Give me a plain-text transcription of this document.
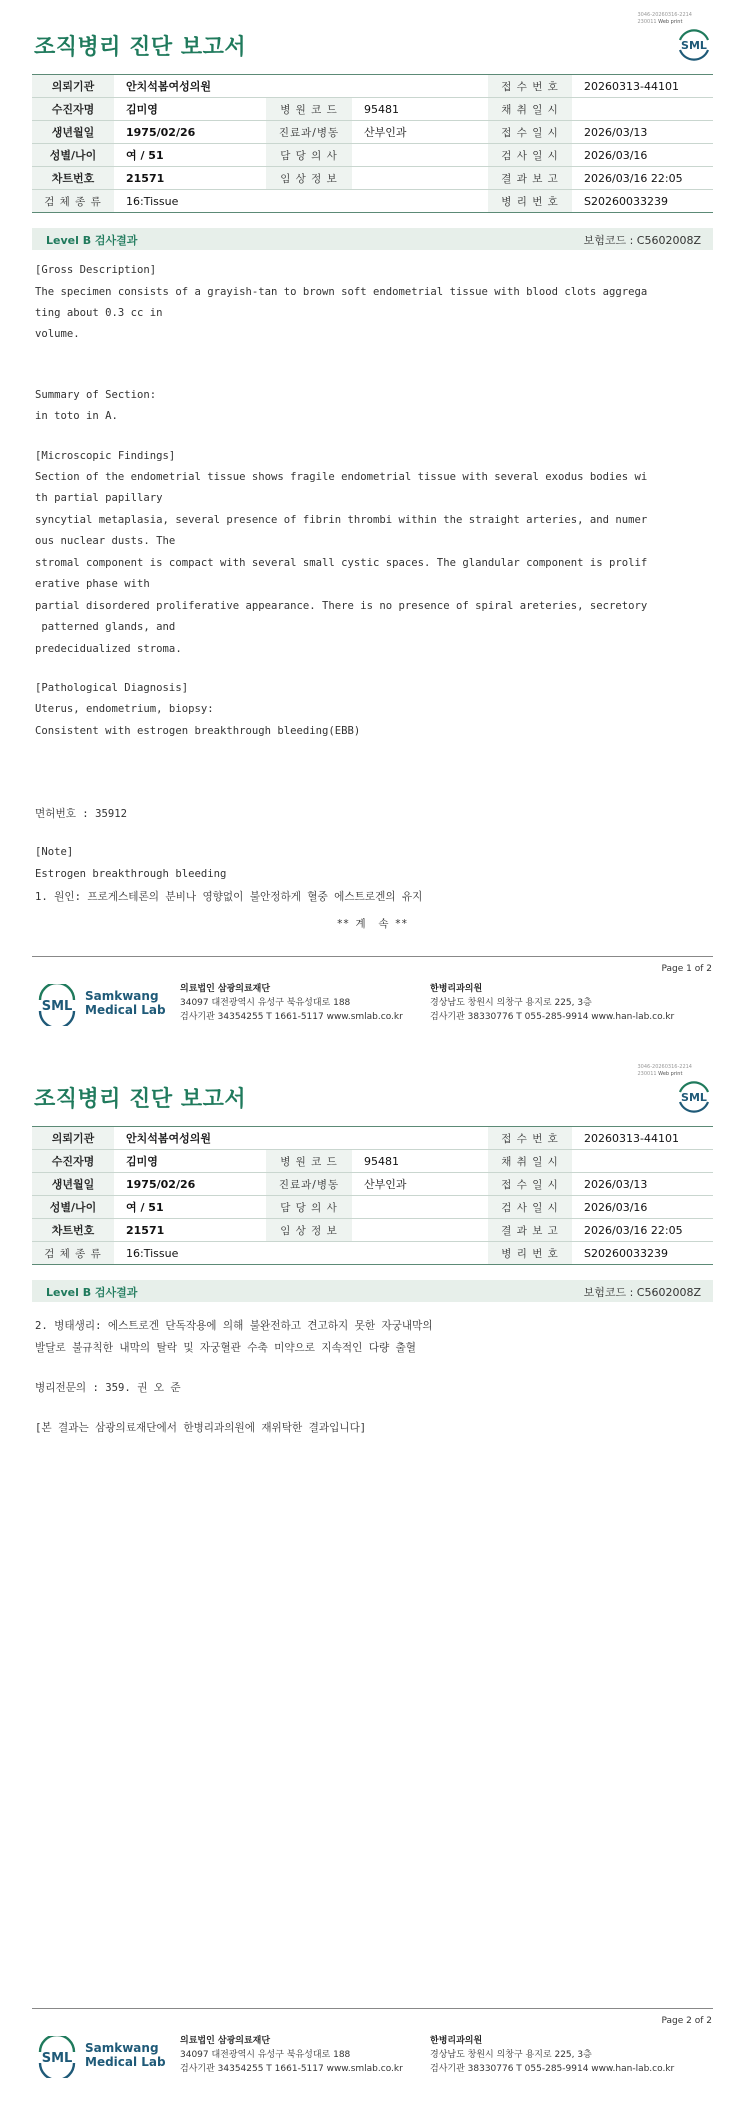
3046-20260316-2214
230011 Web print
조직병리 진단 보고서	SML
의뢰기관	안치석봄여성의원			접 수 번 호	20260313-44101
수진자명	김미영	병 원 코 드	95481	채 취 일 시	
생년월일	1975/02/26	진료과/병동	산부인과	접 수 일 시	2026/03/13
성별/나이	여 / 51	담 당 의 사		검 사 일 시	2026/03/16
차트번호	21571	임 상 정 보		결 과 보 고	2026/03/16 22:05
검 체 종 류	16:Tissue			병 리 번 호	S20260033239
Level B 검사결과	보험코드 : C5602008Z
[Gross Description]
The specimen consists of a grayish-tan to brown soft endometrial tissue with blood clots aggrega
ting about 0.3 cc in
volume.
Summary of Section:
in toto in A.
[Microscopic Findings]
Section of the endometrial tissue shows fragile endometrial tissue with several exodus bodies wi
th partial papillary
syncytial metaplasia, several presence of fibrin thrombi within the straight arteries, and numer
ous nuclear dusts. The
stromal component is compact with several small cystic spaces. The glandular component is prolif
erative phase with
partial disordered proliferative appearance. There is no presence of spiral areteries, secretory
patterned glands, and
predecidualized stroma.
[Pathological Diagnosis]
Uterus, endometrium, biopsy:
Consistent with estrogen breakthrough bleeding(EBB)
면허번호 : 35912
[Note]
Estrogen breakthrough bleeding
1. 원인: 프로게스테론의 분비나 영향없이 불안정하게 혈중 에스트로겐의 유지
** 계  속 **
Page 1 of 2
SML
Samkwang
Medical Lab
의료법인 삼광의료재단
34097 대전광역시 유성구 북유성대로 188
검사기관 34354255 T 1661-5117 www.smlab.co.kr
한병리과의원
경상남도 창원시 의창구 용지로 225, 3층
검사기관 38330776 T 055-285-9914 www.han-lab.co.kr
3046-20260316-2214
230011 Web print
조직병리 진단 보고서	SML
의뢰기관	안치석봄여성의원			접 수 번 호	20260313-44101
수진자명	김미영	병 원 코 드	95481	채 취 일 시	
생년월일	1975/02/26	진료과/병동	산부인과	접 수 일 시	2026/03/13
성별/나이	여 / 51	담 당 의 사		검 사 일 시	2026/03/16
차트번호	21571	임 상 정 보		결 과 보 고	2026/03/16 22:05
검 체 종 류	16:Tissue			병 리 번 호	S20260033239
Level B 검사결과	보험코드 : C5602008Z
2. 병태생리: 에스트로겐 단독작용에 의해 불완전하고 견고하지 못한 자궁내막의
발달로 불규칙한 내막의 탈락 및 자궁혈관 수축 미약으로 지속적인 다량 출혈
병리전문의 : 359. 권 오 준
[본 결과는 삼광의료재단에서 한병리과의원에 재위탁한 결과입니다]
Page 2 of 2
SML
Samkwang
Medical Lab
의료법인 삼광의료재단
34097 대전광역시 유성구 북유성대로 188
검사기관 34354255 T 1661-5117 www.smlab.co.kr
한병리과의원
경상남도 창원시 의창구 용지로 225, 3층
검사기관 38330776 T 055-285-9914 www.han-lab.co.kr
